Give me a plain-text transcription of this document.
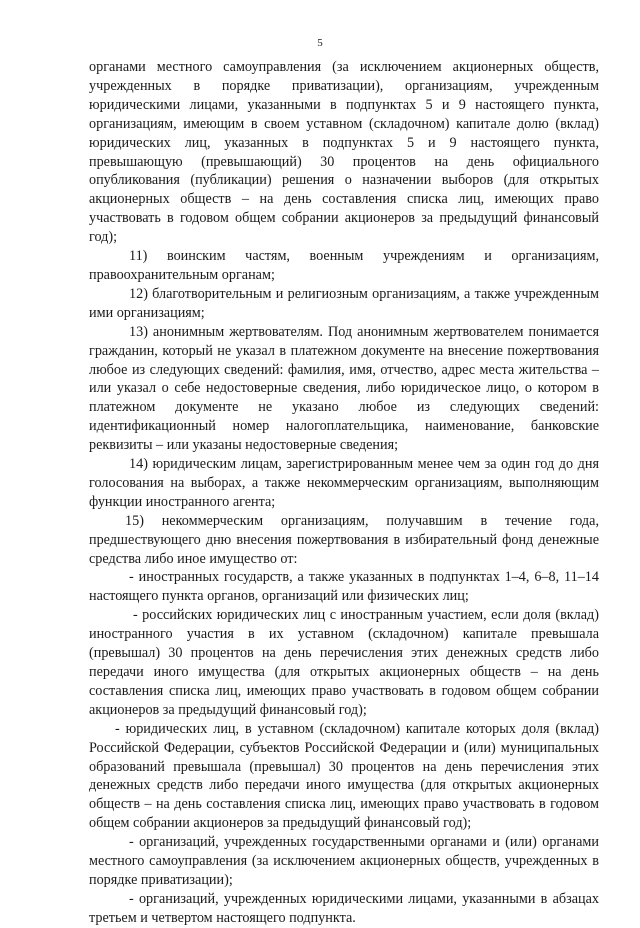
5

органами местного самоуправления (за исключением акционерных обществ, учрежденных в порядке приватизации), организациям, учрежденным юридическими лицами, указанными в подпунктах 5 и 9 настоящего пункта, организациям, имеющим в своем уставном (складочном) капитале долю (вклад) юридических лиц, указанных в подпунктах 5 и 9 настоящего пункта, превышающую (превышающий) 30 процентов на день официального опубликования (публикации) решения о назначении выборов (для открытых акционерных обществ – на день составления списка лиц, имеющих право участвовать в годовом общем собрании акционеров за предыдущий финансовый год);

11) воинским частям, военным учреждениям и организациям, правоохранительным органам;

12) благотворительным и религиозным организациям, а также учрежденным ими организациям;

13) анонимным жертвователям. Под анонимным жертвователем понимается гражданин, который не указал в платежном документе на внесение пожертвования любое из следующих сведений: фамилия, имя, отчество, адрес места жительства – или указал о себе недостоверные сведения, либо юридическое лицо, о котором в платежном документе не указано любое из следующих сведений: идентификационный номер налогоплательщика, наименование, банковские реквизиты – или указаны недостоверные сведения;

14) юридическим лицам, зарегистрированным менее чем за один год до дня голосования на выборах, а также некоммерческим организациям, выполняющим функции иностранного агента;

15) некоммерческим организациям, получавшим в течение года, предшествующего дню внесения пожертвования в избирательный фонд денежные средства либо иное имущество от:

- иностранных государств, а также указанных в подпунктах 1–4, 6–8, 11–14 настоящего пункта органов, организаций или физических лиц;

- российских юридических лиц с иностранным участием, если доля (вклад) иностранного участия в их уставном (складочном) капитале превышала (превышал) 30 процентов на день перечисления этих денежных средств либо передачи иного имущества (для открытых акционерных обществ – на день составления списка лиц, имеющих право участвовать в годовом общем собрании акционеров за предыдущий финансовый год);

- юридических лиц, в уставном (складочном) капитале которых доля (вклад) Российской Федерации, субъектов Российской Федерации и (или) муниципальных образований превышала (превышал) 30 процентов на день перечисления этих денежных средств либо передачи иного имущества (для открытых акционерных обществ – на день составления списка лиц, имеющих право участвовать в годовом общем собрании акционеров за предыдущий финансовый год);

- организаций, учрежденных государственными органами и (или) органами местного самоуправления (за исключением акционерных обществ, учрежденных в порядке приватизации);

- организаций, учрежденных юридическими лицами, указанными в абзацах третьем и четвертом настоящего подпункта.
